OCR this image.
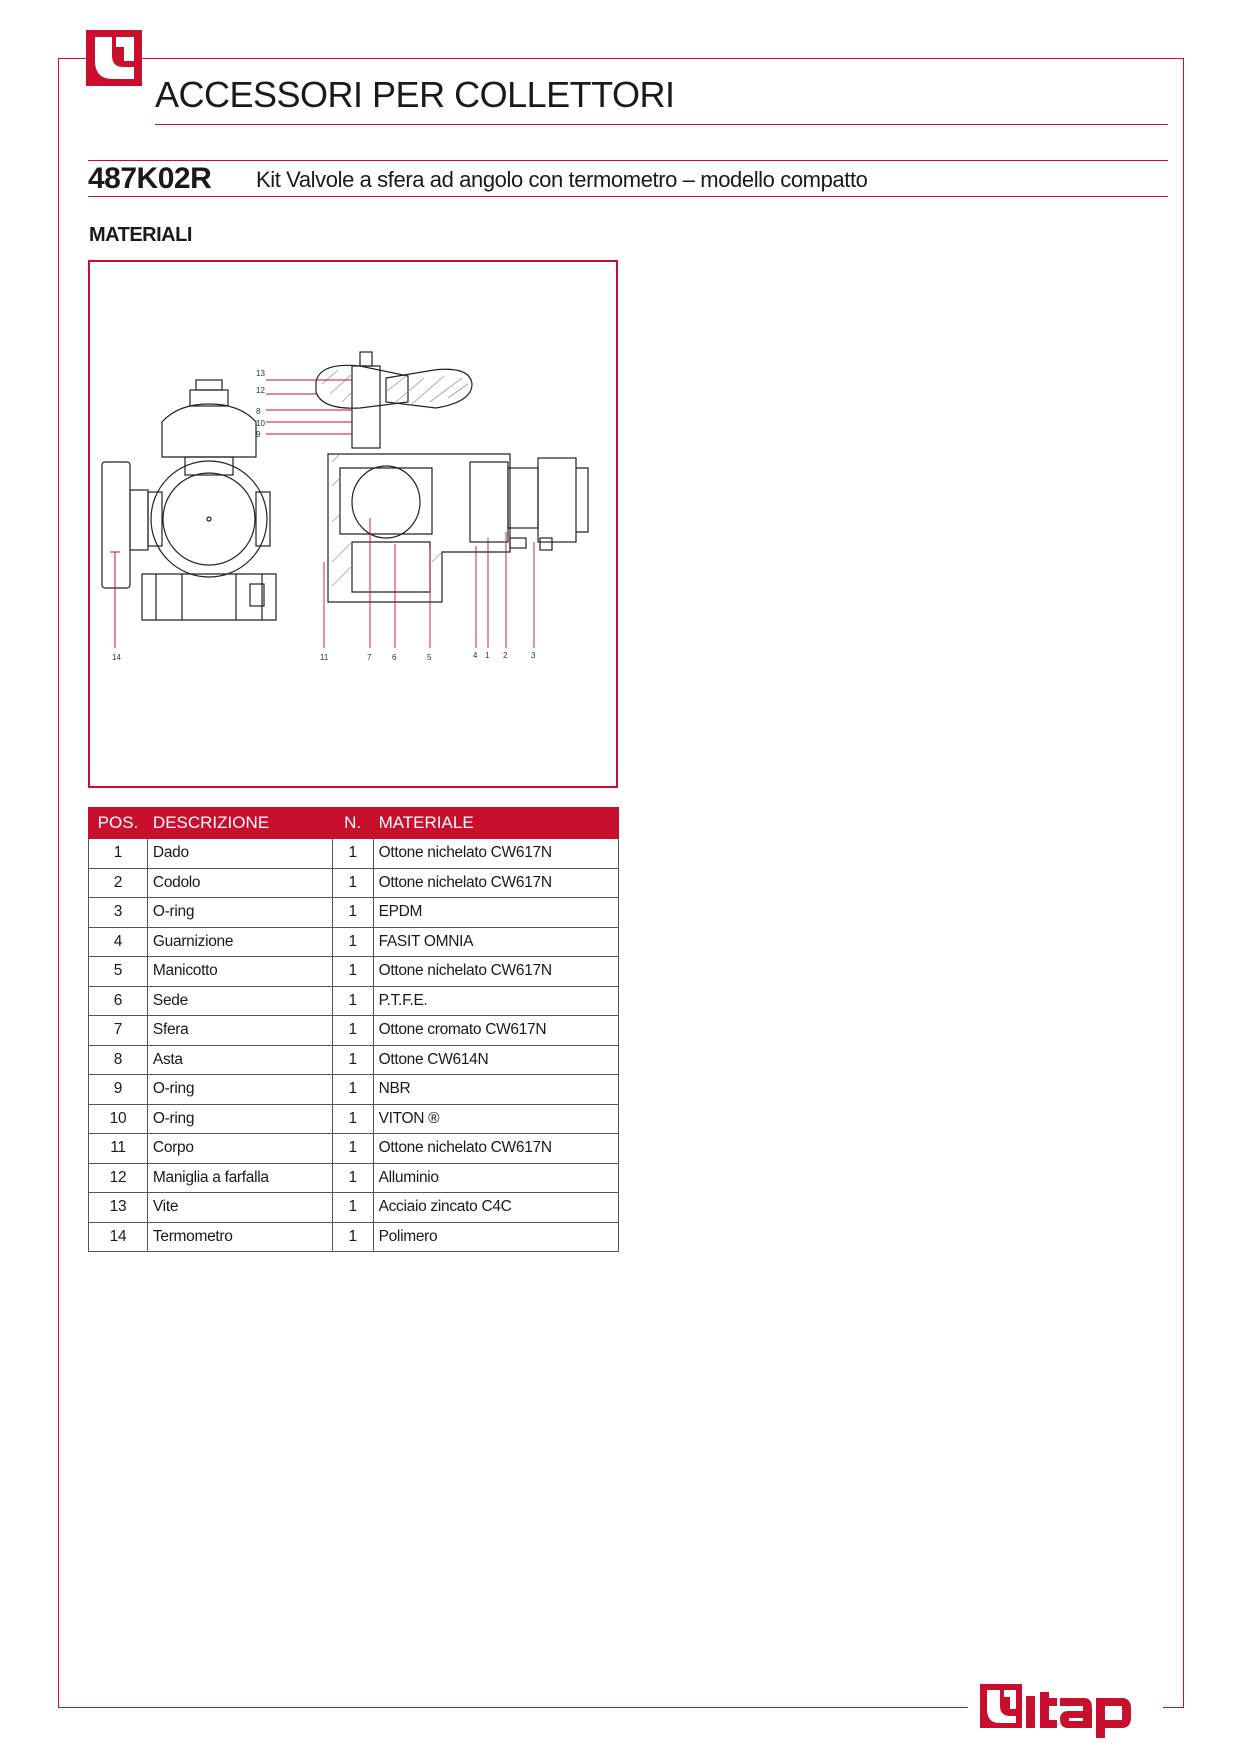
ACCESSORI PER COLLETTORI
487K02R Kit Valvole a sfera ad angolo con termometro – modello compatto
MATERIALI
13
12
8
10
9
14	11	7	6	5	4 1 2	3
POS.	DESCRIZIONE	N.	MATERIALE
1	Dado	1	Ottone nichelato CW617N
2	Codolo	1	Ottone nichelato CW617N
3	O-ring	1	EPDM
4	Guarnizione	1	FASIT OMNIA
5	Manicotto	1	Ottone nichelato CW617N
6	Sede	1	P.T.F.E.
7	Sfera	1	Ottone cromato CW617N
8	Asta	1	Ottone CW614N
9	O-ring	1	NBR
10	O-ring	1	VITON ®
11	Corpo	1	Ottone nichelato CW617N
12	Maniglia a farfalla	1	Alluminio
13	Vite	1	Acciaio zincato C4C
14	Termometro	1	Polimero
